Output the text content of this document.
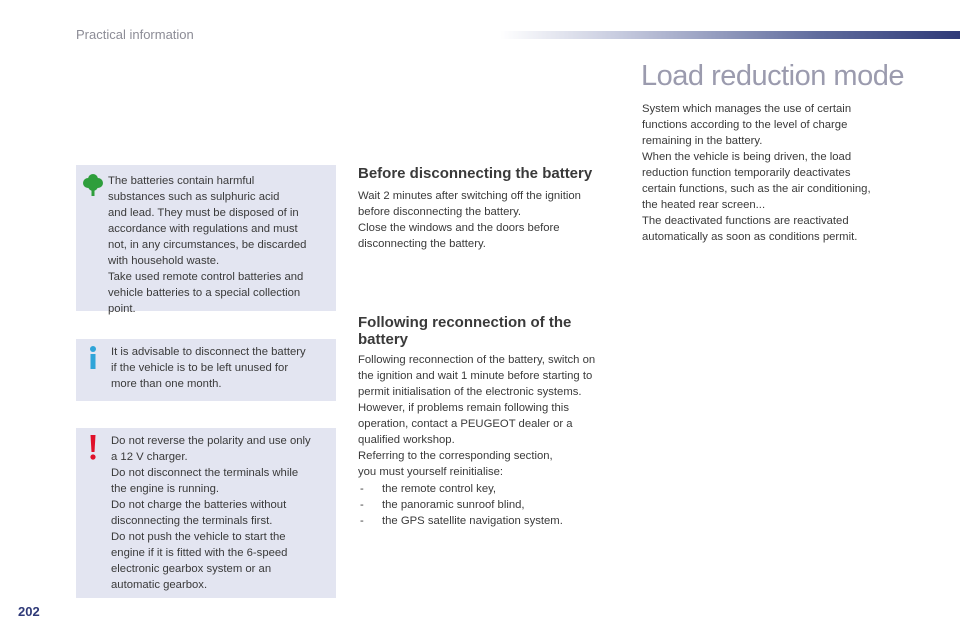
Practical information

The batteries contain harmful
substances such as sulphuric acid
and lead. They must be disposed of in
accordance with regulations and must
not, in any circumstances, be discarded
with household waste.
Take used remote control batteries and
vehicle batteries to a special collection
point.

It is advisable to disconnect the battery
if the vehicle is to be left unused for
more than one month.

Do not reverse the polarity and use only
a 12 V charger.
Do not disconnect the terminals while
the engine is running.
Do not charge the batteries without
disconnecting the terminals first.
Do not push the vehicle to start the
engine if it is fitted with the 6-speed
electronic gearbox system or an
automatic gearbox.

Before disconnecting the battery

Wait 2 minutes after switching off the ignition
before disconnecting the battery.
Close the windows and the doors before
disconnecting the battery.

Following reconnection of the battery

Following reconnection of the battery, switch on
the ignition and wait 1 minute before starting to
permit initialisation of the electronic systems.
However, if problems remain following this
operation, contact a PEUGEOT dealer or a
qualified workshop.
Referring to the corresponding section,
you must yourself reinitialise:

- the remote control key,
- the panoramic sunroof blind,
- the GPS satellite navigation system.
Load reduction mode

System which manages the use of certain
functions according to the level of charge
remaining in the battery.
When the vehicle is being driven, the load
reduction function temporarily deactivates
certain functions, such as the air conditioning,
the heated rear screen...
The deactivated functions are reactivated
automatically as soon as conditions permit.

202
